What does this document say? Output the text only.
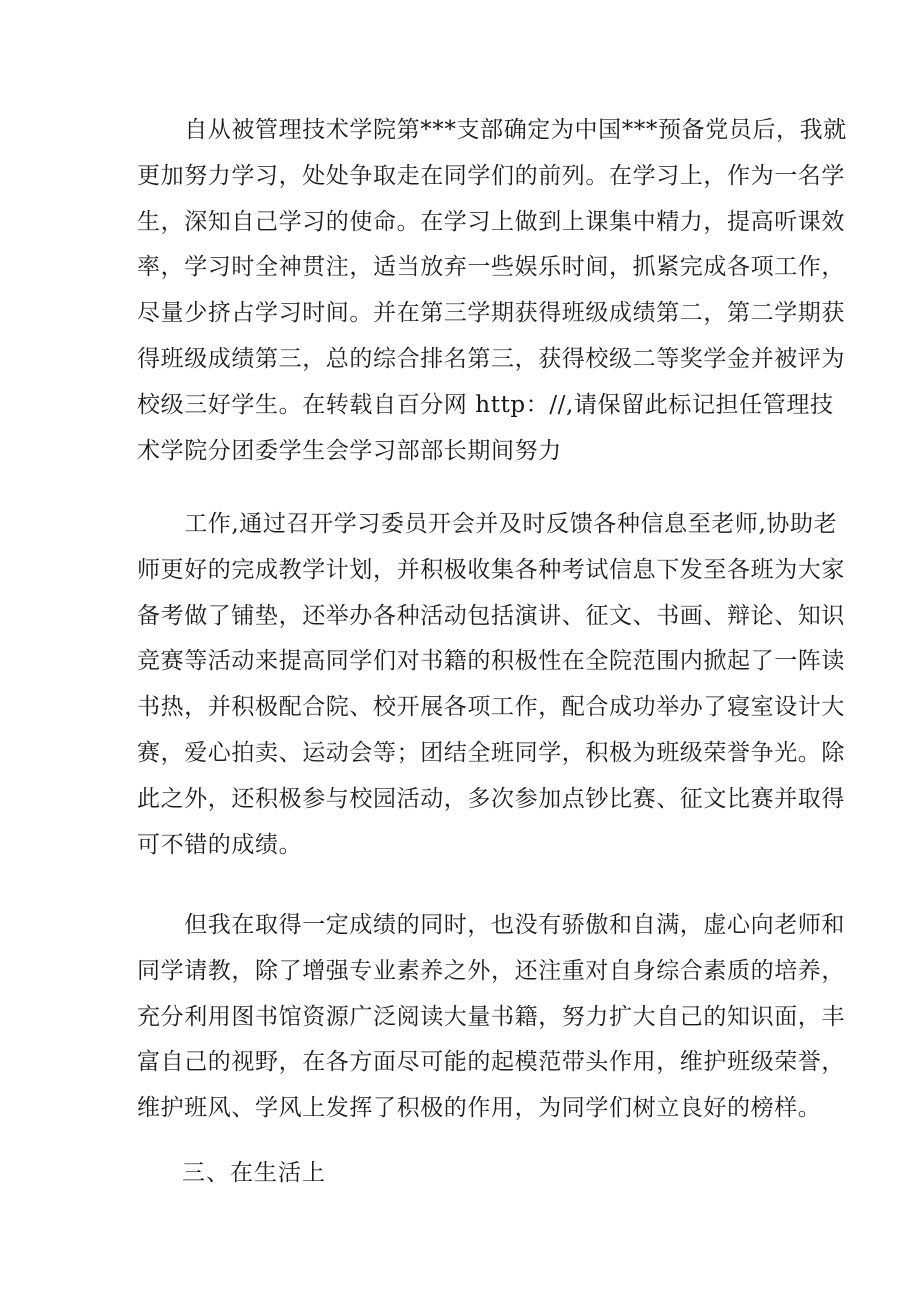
　　自从被管理技术学院第***支部确定为中国***预备党员后，我就
更加努力学习，处处争取走在同学们的前列。在学习上，作为一名学
生，深知自己学习的使命。在学习上做到上课集中精力，提高听课效
率，学习时全神贯注，适当放弃一些娱乐时间，抓紧完成各项工作，
尽量少挤占学习时间。并在第三学期获得班级成绩第二，第二学期获
得班级成绩第三，总的综合排名第三，获得校级二等奖学金并被评为
校级三好学生。在转载自百分网 http：//,请保留此标记担任管理技
术学院分团委学生会学习部部长期间努力
　　工作,通过召开学习委员开会并及时反馈各种信息至老师,协助老
师更好的完成教学计划，并积极收集各种考试信息下发至各班为大家
备考做了铺垫，还举办各种活动包括演讲、征文、书画、辩论、知识
竞赛等活动来提高同学们对书籍的积极性在全院范围内掀起了一阵读
书热，并积极配合院、校开展各项工作，配合成功举办了寝室设计大
赛，爱心拍卖、运动会等；团结全班同学，积极为班级荣誉争光。除
此之外，还积极参与校园活动，多次参加点钞比赛、征文比赛并取得
可不错的成绩。
　　但我在取得一定成绩的同时，也没有骄傲和自满，虚心向老师和
同学请教，除了增强专业素养之外，还注重对自身综合素质的培养，
充分利用图书馆资源广泛阅读大量书籍，努力扩大自己的知识面，丰
富自己的视野，在各方面尽可能的起模范带头作用，维护班级荣誉，
维护班风、学风上发挥了积极的作用，为同学们树立良好的榜样。
三、在生活上
